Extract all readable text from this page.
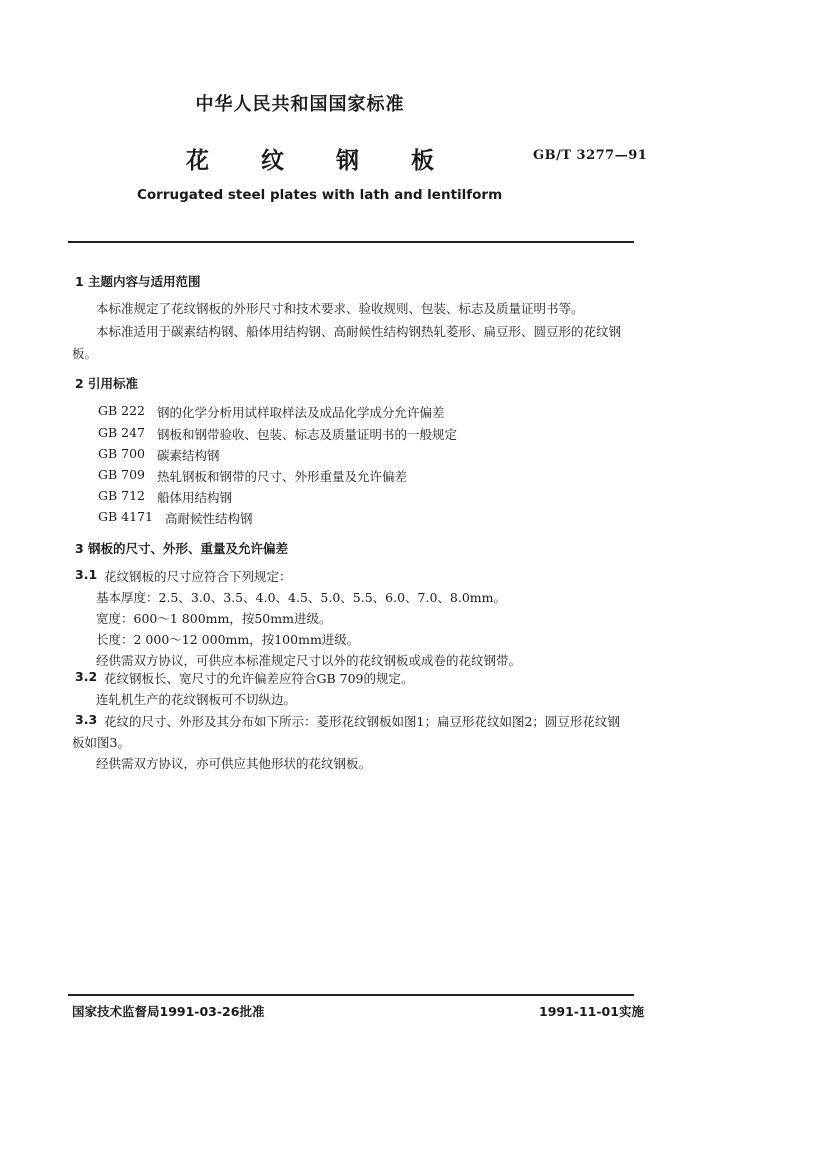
中华人民共和国国家标准
花纹钢板	GB/T 3277—91
Corrugated steel plates with lath and lentilform
1 主题内容与适用范围
本标准规定了花纹钢板的外形尺寸和技术要求、验收规则、包装、标志及质量证明书等。
本标准适用于碳素结构钢、船体用结构钢、高耐候性结构钢热轧菱形、扁豆形、圆豆形的花纹钢
板。
2 引用标准
GB 222 钢的化学分析用试样取样法及成品化学成分允许偏差
GB 247 钢板和钢带验收、包装、标志及质量证明书的一般规定
GB 700 碳素结构钢
GB 709 热轧钢板和钢带的尺寸、外形重量及允许偏差
GB 712 船体用结构钢
GB 4171 高耐候性结构钢
3 钢板的尺寸、外形、重量及允许偏差
3.1 花纹钢板的尺寸应符合下列规定：
基本厚度：2.5、3.0、3.5、4.0、4.5、5.0、5.5、6.0、7.0、8.0mm。
宽度：600～1 800mm，按50mm进级。
长度：2 000～12 000mm，按100mm进级。
经供需双方协议，可供应本标准规定尺寸以外的花纹钢板或成卷的花纹钢带。
3.2 花纹钢板长、宽尺寸的允许偏差应符合GB 709的规定。
连轧机生产的花纹钢板可不切纵边。
3.3 花纹的尺寸、外形及其分布如下所示：菱形花纹钢板如图1；扁豆形花纹如图2；圆豆形花纹钢
板如图3。
经供需双方协议，亦可供应其他形状的花纹钢板。
国家技术监督局1991-03-26批准	1991-11-01实施
